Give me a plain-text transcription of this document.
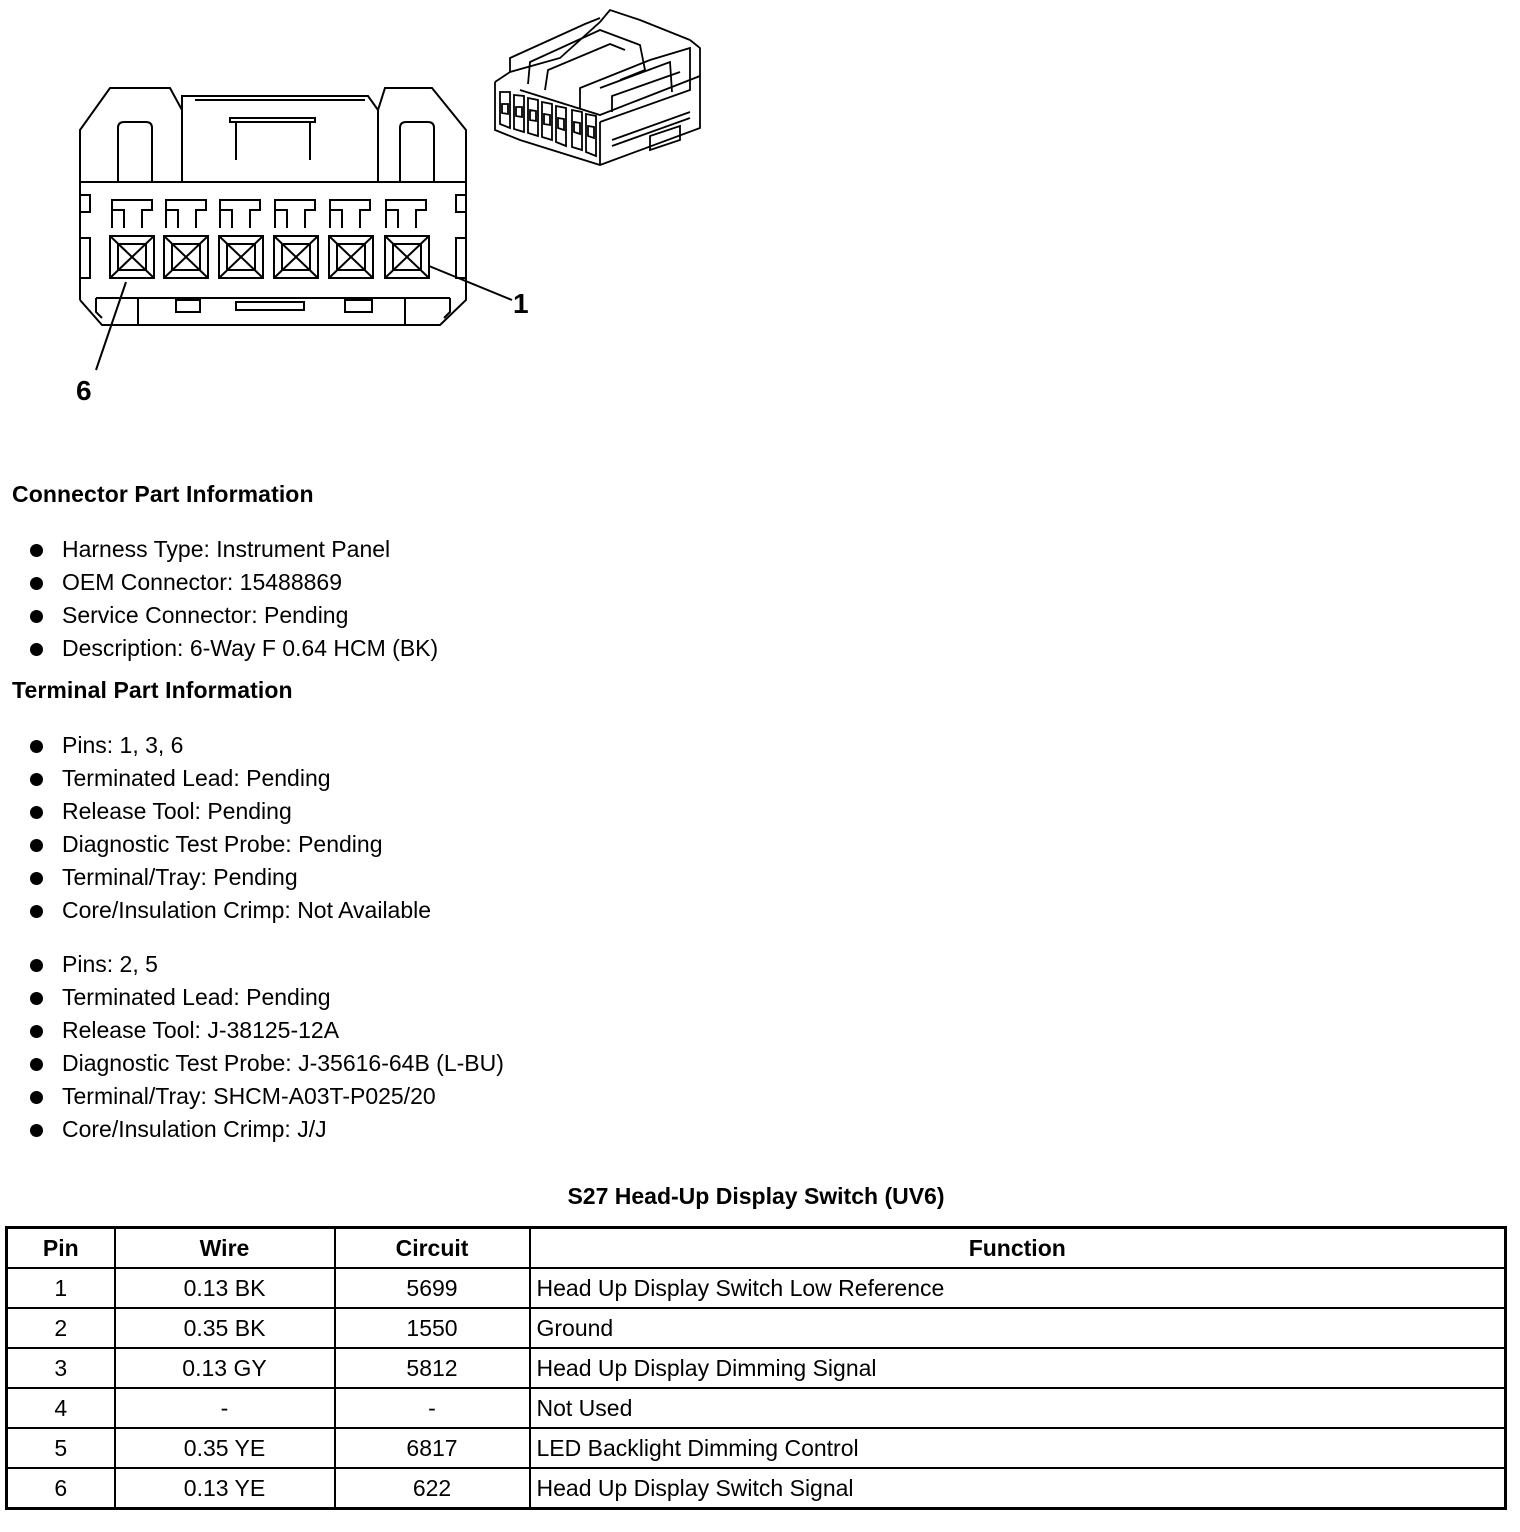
1
6
Connector Part Information
Harness Type: Instrument Panel
OEM Connector: 15488869
Service Connector: Pending
Description: 6-Way F 0.64 HCM (BK)
Terminal Part Information
Pins: 1, 3, 6
Terminated Lead: Pending
Release Tool: Pending
Diagnostic Test Probe: Pending
Terminal/Tray: Pending
Core/Insulation Crimp: Not Available
Pins: 2, 5
Terminated Lead: Pending
Release Tool: J-38125-12A
Diagnostic Test Probe: J-35616-64B (L-BU)
Terminal/Tray: SHCM-A03T-P025/20
Core/Insulation Crimp: J/J
S27 Head-Up Display Switch (UV6)
Pin	Wire	Circuit	Function
1	0.13 BK	5699	Head Up Display Switch Low Reference
2	0.35 BK	1550	Ground
3	0.13 GY	5812	Head Up Display Dimming Signal
4	-	-	Not Used
5	0.35 YE	6817	LED Backlight Dimming Control
6	0.13 YE	622	Head Up Display Switch Signal
